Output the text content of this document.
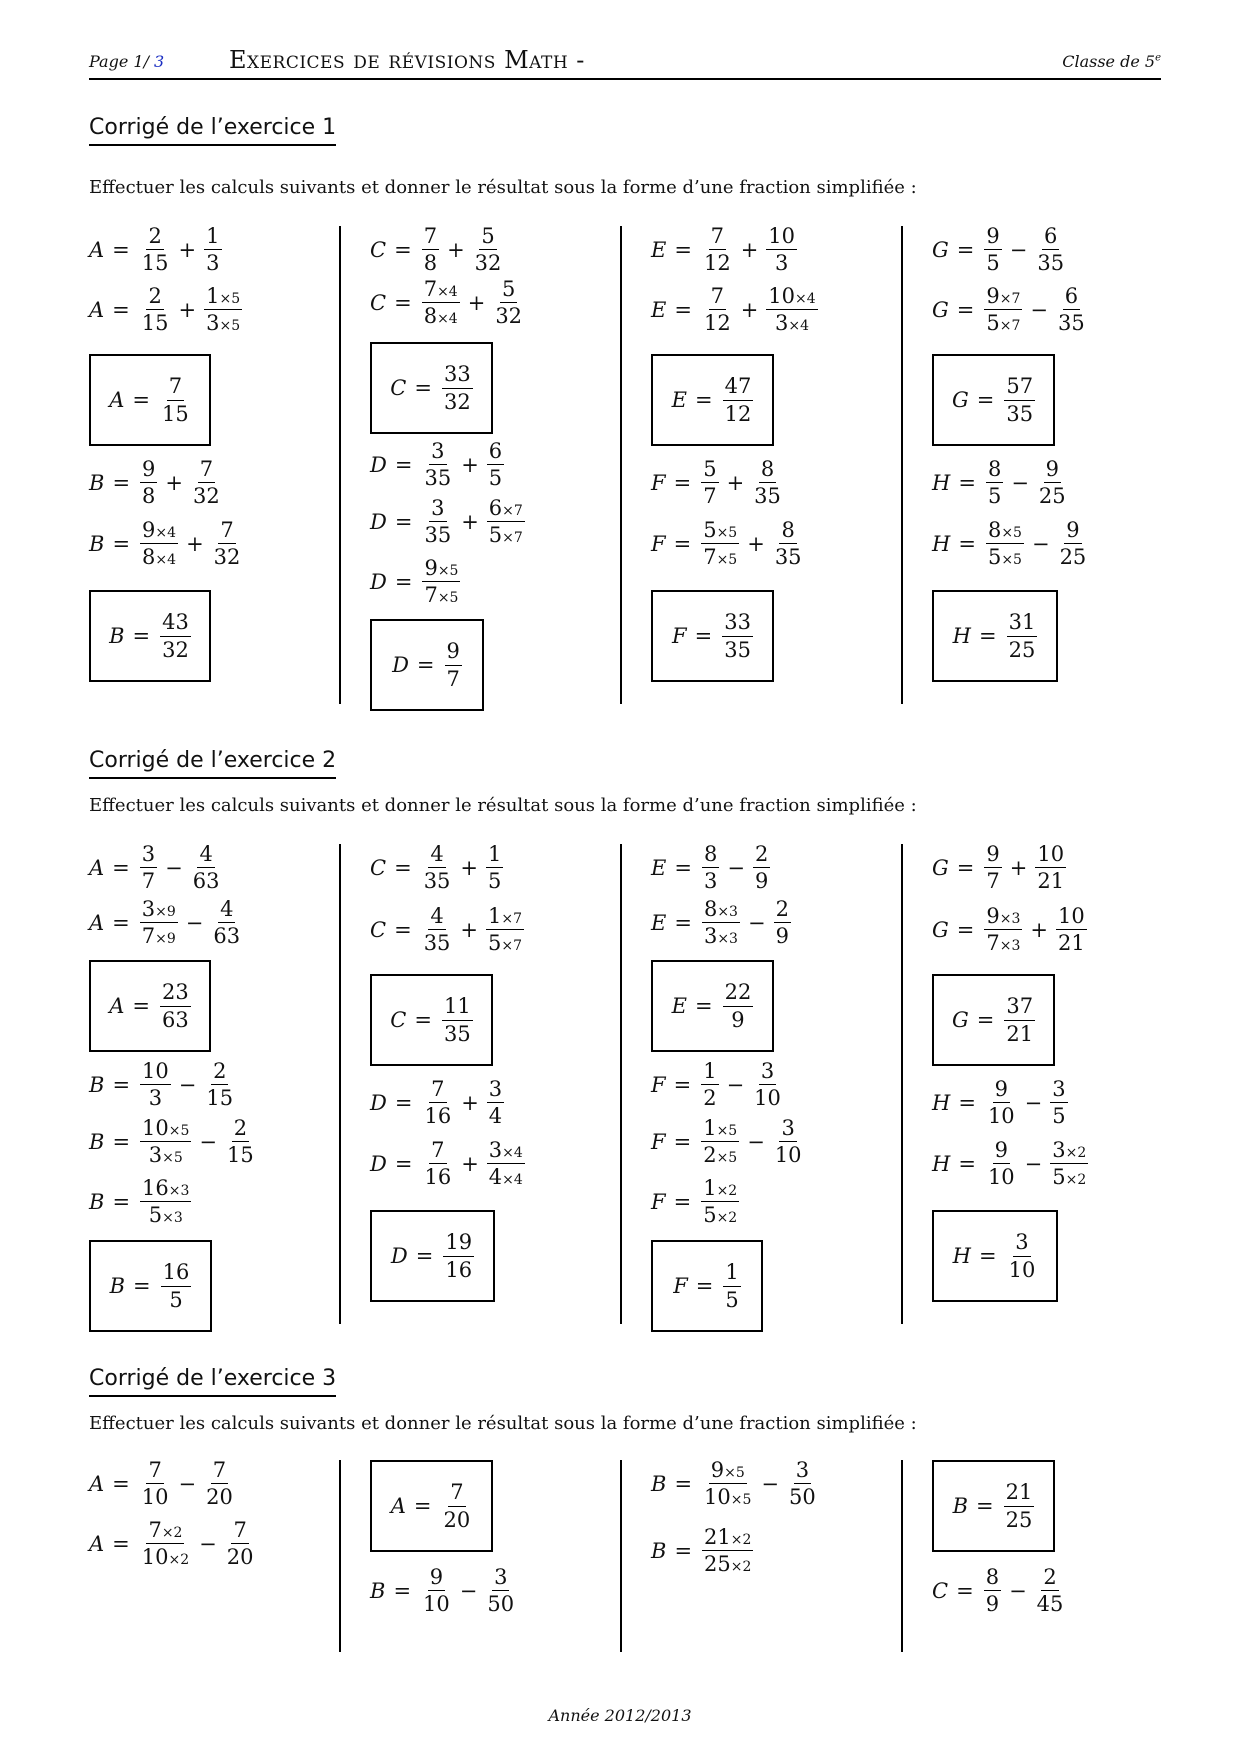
Page 1/ 3	Exercices de révisions Math -	Classe de 5e
Corrigé de l’exercice 1

Effectuer les calculs suivants et donner le résultat sous la forme d’une fraction simplifiée :

$A = \frac{2}{15} + \frac{1}{3}$
$A = \frac{2}{15} + \frac{1\times 5}{3\times 5}$
$A = \frac{7}{15}$
$B = \frac{9}{8} + \frac{7}{32}$
$B = \frac{9\times 4}{8\times 4} + \frac{7}{32}$
$B = \frac{43}{32}$
$C = \frac{7}{8} + \frac{5}{32}$
$C = \frac{7\times 4}{8\times 4} + \frac{5}{32}$
$C = \frac{33}{32}$
$D = \frac{3}{35} + \frac{6}{5}$
$D = \frac{3}{35} + \frac{6\times 7}{5\times 7}$
$D = \frac{9\times 5}{7\times 5}$
$D = \frac{9}{7}$
$E = \frac{7}{12} + \frac{10}{3}$
$E = \frac{7}{12} + \frac{10\times 4}{3\times 4}$
$E = \frac{47}{12}$
$F = \frac{5}{7} + \frac{8}{35}$
$F = \frac{5\times 5}{7\times 5} + \frac{8}{35}$
$F = \frac{33}{35}$
$G = \frac{9}{5} - \frac{6}{35}$
$G = \frac{9\times 7}{5\times 7} - \frac{6}{35}$
$G = \frac{57}{35}$
$H = \frac{8}{5} - \frac{9}{25}$
$H = \frac{8\times 5}{5\times 5} - \frac{9}{25}$
$H = \frac{31}{25}$
Corrigé de l’exercice 2

Effectuer les calculs suivants et donner le résultat sous la forme d’une fraction simplifiée :

$A = \frac{3}{7} - \frac{4}{63}$
$A = \frac{3\times 9}{7\times 9} - \frac{4}{63}$
$A = \frac{23}{63}$
$B = \frac{10}{3} - \frac{2}{15}$
$B = \frac{10\times 5}{3\times 5} - \frac{2}{15}$
$B = \frac{16\times 3}{5\times 3}$
$B = \frac{16}{5}$
$C = \frac{4}{35} + \frac{1}{5}$
$C = \frac{4}{35} + \frac{1\times 7}{5\times 7}$
$C = \frac{11}{35}$
$D = \frac{7}{16} + \frac{3}{4}$
$D = \frac{7}{16} + \frac{3\times 4}{4\times 4}$
$D = \frac{19}{16}$
$E = \frac{8}{3} - \frac{2}{9}$
$E = \frac{8\times 3}{3\times 3} - \frac{2}{9}$
$E = \frac{22}{9}$
$F = \frac{1}{2} - \frac{3}{10}$
$F = \frac{1\times 5}{2\times 5} - \frac{3}{10}$
$F = \frac{1\times 2}{5\times 2}$
$F = \frac{1}{5}$
$G = \frac{9}{7} + \frac{10}{21}$
$G = \frac{9\times 3}{7\times 3} + \frac{10}{21}$
$G = \frac{37}{21}$
$H = \frac{9}{10} - \frac{3}{5}$
$H = \frac{9}{10} - \frac{3\times 2}{5\times 2}$
$H = \frac{3}{10}$
Corrigé de l’exercice 3

Effectuer les calculs suivants et donner le résultat sous la forme d’une fraction simplifiée :

$A = \frac{7}{10} - \frac{7}{20}$
$A = \frac{7\times 2}{10\times 2} - \frac{7}{20}$
$A = \frac{7}{20}$
$B = \frac{9}{10} - \frac{3}{50}$
$B = \frac{9\times 5}{10\times 5} - \frac{3}{50}$
$B = \frac{21\times 2}{25\times 2}$
$B = \frac{21}{25}$
$C = \frac{8}{9} - \frac{2}{45}$
Année 2012/2013
